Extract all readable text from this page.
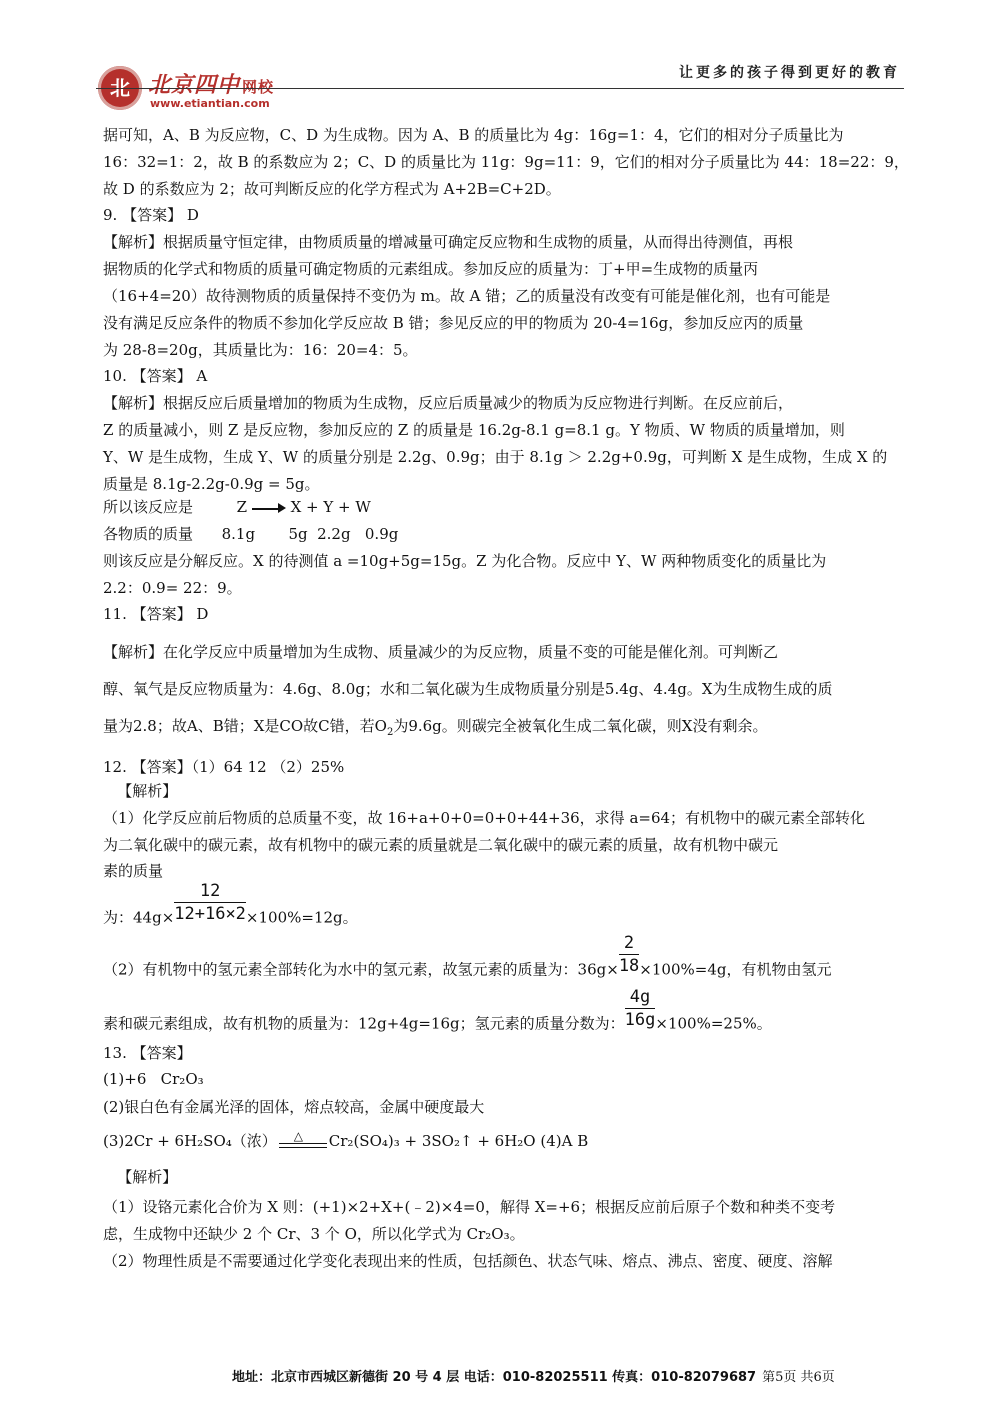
北 北京四中 网校
www.etiantian.com
让更多的孩子得到更好的教育
据可知，A、B 为反应物，C、D 为生成物。因为 A、B 的质量比为 4g：16g=1：4，它们的相对分子质量比为
16：32=1：2，故 B 的系数应为 2；C、D 的质量比为 11g：9g=11：9，它们的相对分子质量比为 44：18=22：9，
故 D 的系数应为 2；故可判断反应的化学方程式为 A+2B=C+2D。
9. 【答案】 D
【解析】根据质量守恒定律，由物质质量的增减量可确定反应物和生成物的质量，从而得出待测值，再根
据物质的化学式和物质的质量可确定物质的元素组成。参加反应的质量为：丁+甲=生成物的质量丙
（16+4=20）故待测物质的质量保持不变仍为 m。故 A 错；乙的质量没有改变有可能是催化剂，也有可能是
没有满足反应条件的物质不参加化学反应故 B 错；参见反应的甲的物质为 20-4=16g，参加反应丙的质量
为 28-8=20g，其质量比为：16：20=4：5。
10. 【答案】 A
【解析】根据反应后质量增加的物质为生成物，反应后质量减少的物质为反应物进行判断。在反应前后，
Z 的质量减小，则 Z 是反应物，参加反应的 Z 的质量是 16.2g-8.1 g=8.1 g。Y 物质、W 物质的质量增加，则
Y、W 是生成物，生成 Y、W 的质量分别是 2.2g、0.9g；由于 8.1g ＞ 2.2g+0.9g，可判断 X 是生成物，生成 X 的
质量是 8.1g-2.2g-0.9g = 5g。
所以该反应是	Z	X + Y + W
各物质的质量      8.1g       5g  2.2g   0.9g
则该反应是分解反应。X 的待测值 a =10g+5g=15g。Z 为化合物。反应中 Y、W 两种物质变化的质量比为
2.2：0.9= 22：9。
11. 【答案】 D
【解析】在化学反应中质量增加为生成物、质量减少的为反应物，质量不变的可能是催化剂。可判断乙
醇、氧气是反应物质量为：4.6g、8.0g；水和二氧化碳为生成物质量分别是5.4g、4.4g。X为生成物生成的质
量为2.8；故A、B错；X是CO故C错，若$O_2$为9.6g。则碳完全被氧化生成二氧化碳，则X没有剩余。
12. 【答案】（1）64 12 （2）25%
【解析】
（1）化学反应前后物质的总质量不变，故 16+a+0+0=0+0+44+36，求得 a=64；有机物中的碳元素全部转化
为二氧化碳中的碳元素，故有机物中的碳元素的质量就是二氧化碳中的碳元素的质量，故有机物中碳元
素的质量
为：$44g\times \frac{12}{12+16\times 2} \times 100\%=12g$。
（2）有机物中的氢元素全部转化为水中的氢元素，故氢元素的质量为：$36g\times \frac{2}{18} \times 100\%=4g$，有机物由氢元
素和碳元素组成，故有机物的质量为：12g+4g=16g；氢元素的质量分数为： $\frac{4g}{16g} \times 100\%=25\%$。
13. 【答案】
(1)+6   Cr₂O₃
(2)银白色有金属光泽的固体，熔点较高，金属中硬度最大
(3)2Cr + 6H₂SO₄（浓） △ Cr₂(SO₄)₃ + 3SO₂↑ + 6H₂O (4)A B
【解析】
（1）设铬元素化合价为 X 则：(+1)×2+X+(﹣2)×4=0，解得 X=+6；根据反应前后原子个数和种类不变考
虑，生成物中还缺少 2 个 Cr、3 个 O，所以化学式为 Cr₂O₃。
（2）物理性质是不需要通过化学变化表现出来的性质，包括颜色、状态气味、熔点、沸点、密度、硬度、溶解
地址：北京市西城区新德街 20 号 4 层 电话：010-82025511 传真：010-82079687 第5页 共6页
